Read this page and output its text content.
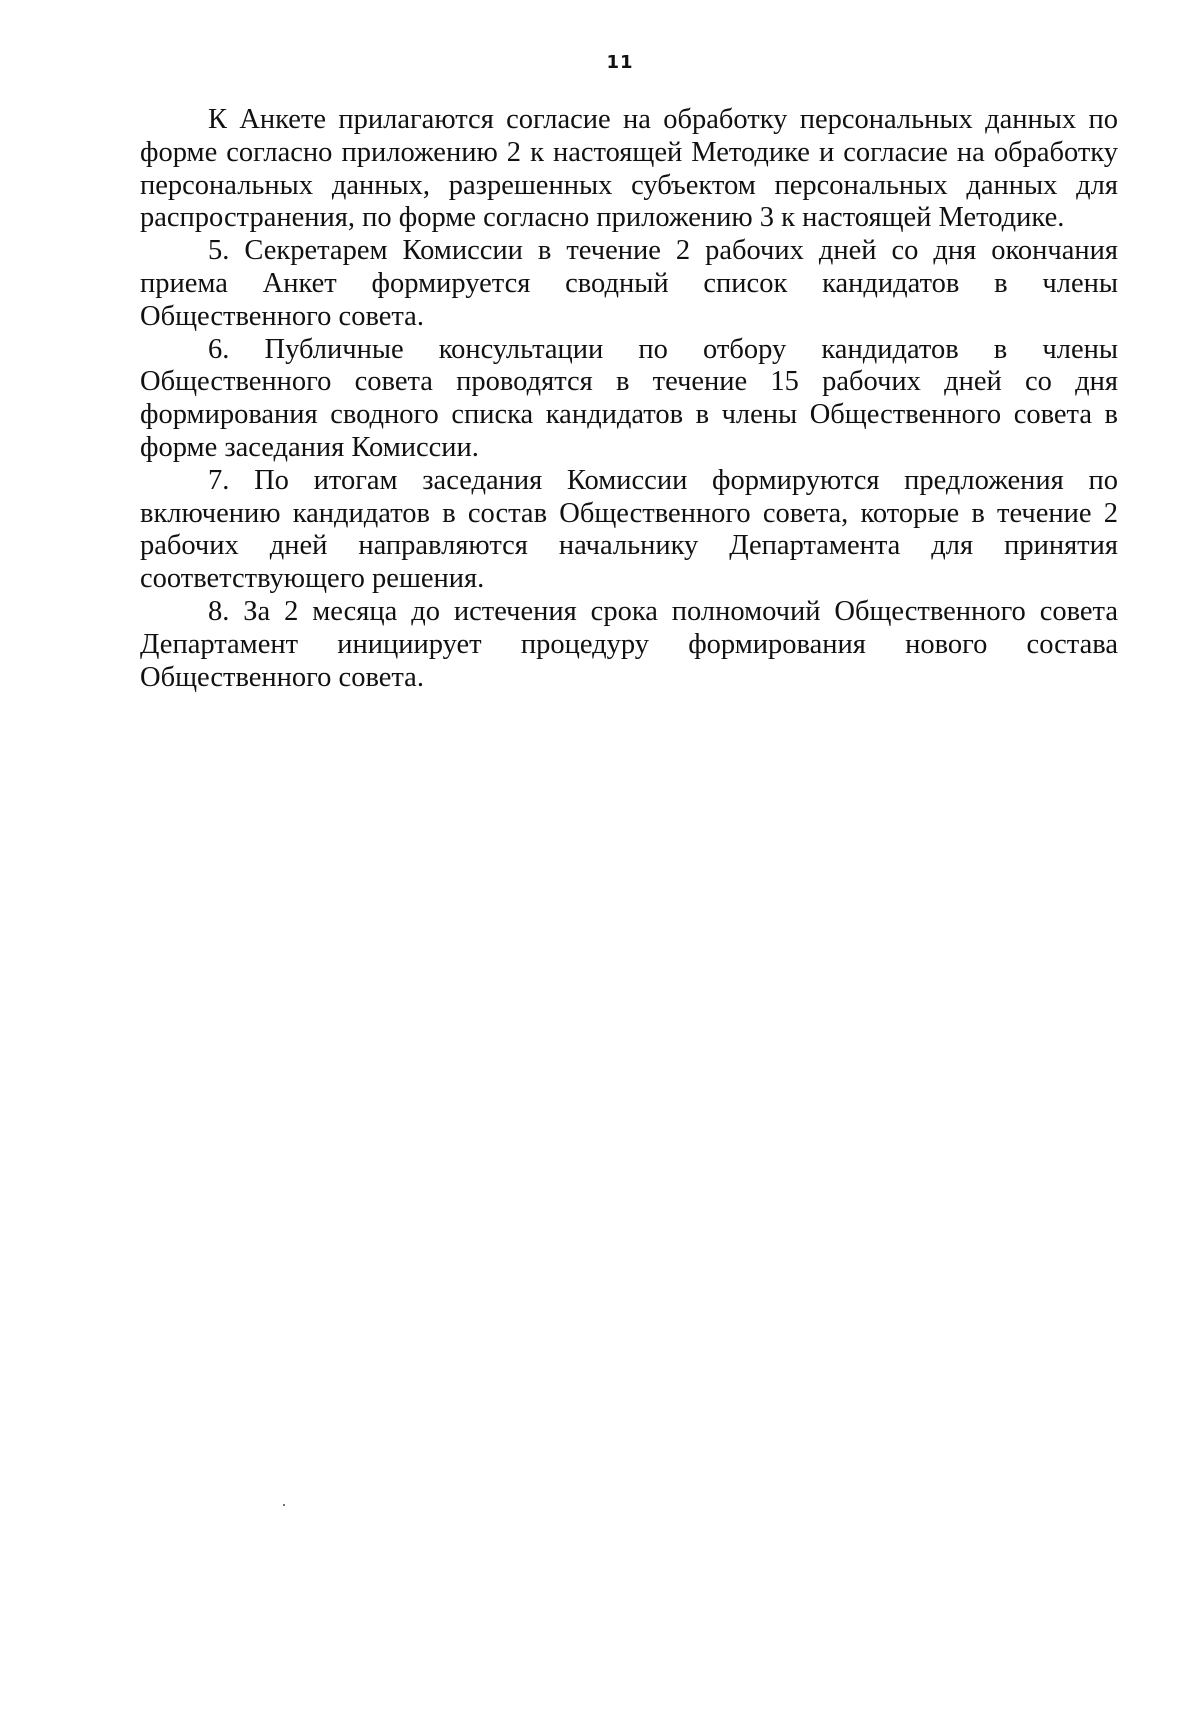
11

К Анкете прилагаются согласие на обработку персональных данных по форме согласно приложению 2 к настоящей Методике и согласие на обработку персональных данных, разрешенных субъектом персональных данных для распространения, по форме согласно приложению 3 к настоящей Методике.

5. Секретарем Комиссии в течение 2 рабочих дней со дня окончания приема Анкет формируется сводный список кандидатов в члены Общественного совета.

6. Публичные консультации по отбору кандидатов в члены Общественного совета проводятся в течение 15 рабочих дней со дня формирования сводного списка кандидатов в члены Общественного совета в форме заседания Комиссии.

7. По итогам заседания Комиссии формируются предложения по включению кандидатов в состав Общественного совета, которые в течение 2 рабочих дней направляются начальнику Департамента для принятия соответствующего решения.

8. За 2 месяца до истечения срока полномочий Общественного совета Департамент инициирует процедуру формирования нового состава Общественного совета.
